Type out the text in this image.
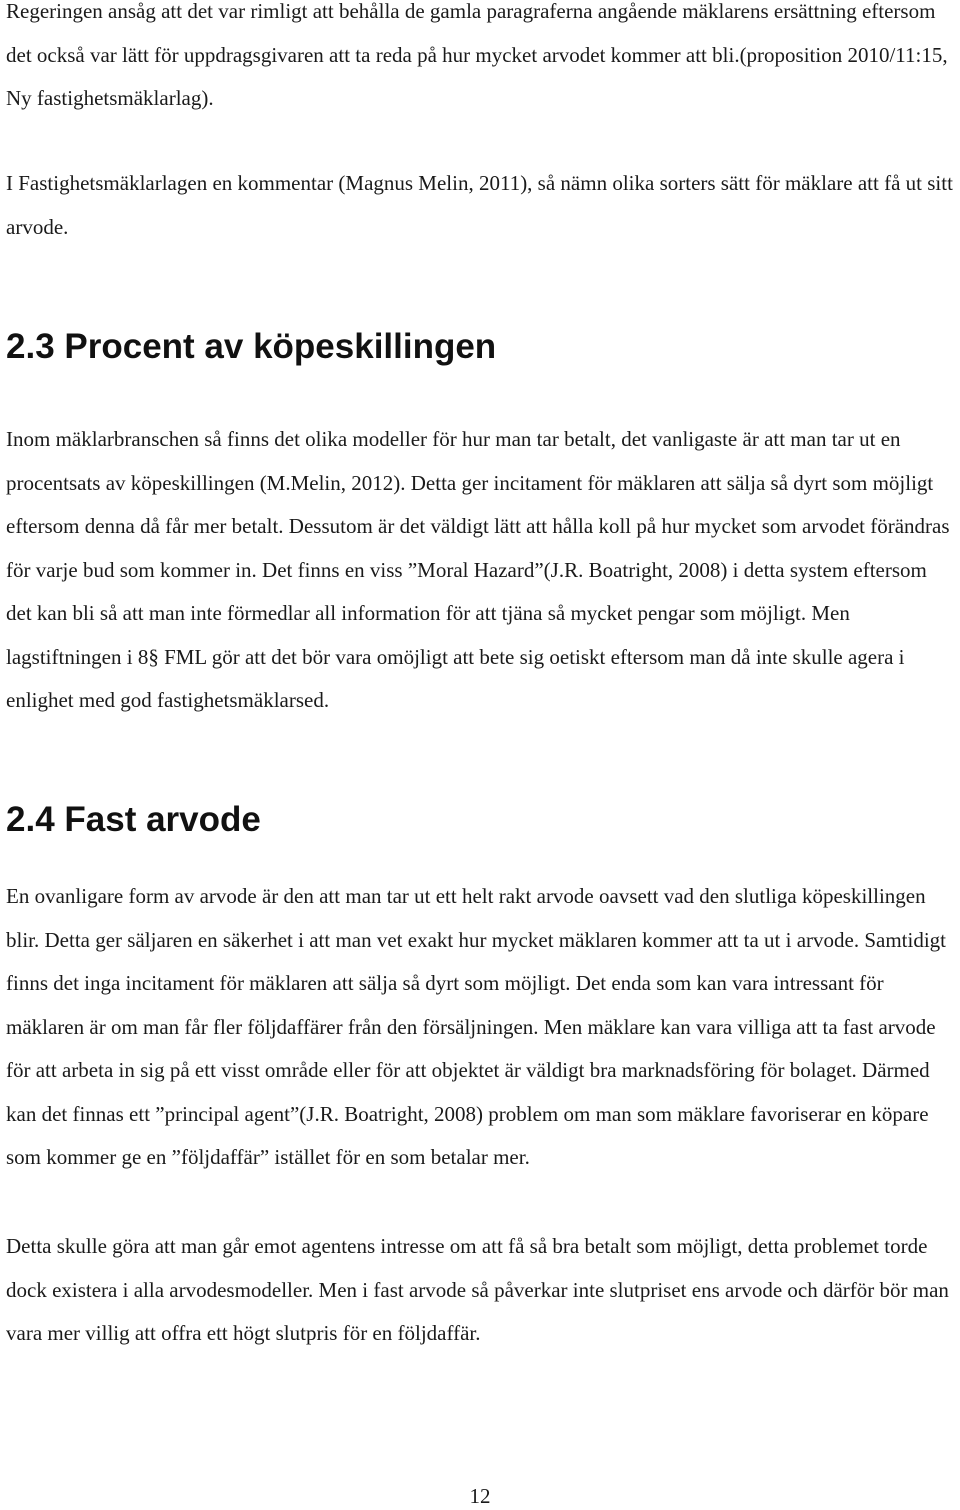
Regeringen ansåg att det var rimligt att behålla de gamla paragraferna angående mäklarens ersättning eftersom det också var lätt för uppdragsgivaren att ta reda på hur mycket arvodet kommer att bli.(proposition 2010/11:15, Ny fastighetsmäklarlag).

I Fastighetsmäklarlagen en kommentar (Magnus Melin, 2011), så nämn olika sorters sätt för mäklare att få ut sitt arvode.

2.3 Procent av köpeskillingen

Inom mäklarbranschen så finns det olika modeller för hur man tar betalt, det vanligaste är att man tar ut en procentsats av köpeskillingen (M.Melin, 2012). Detta ger incitament för mäklaren att sälja så dyrt som möjligt eftersom denna då får mer betalt. Dessutom är det väldigt lätt att hålla koll på hur mycket som arvodet förändras för varje bud som kommer in. Det finns en viss ”Moral Hazard”(J.R. Boatright, 2008) i detta system eftersom det kan bli så att man inte förmedlar all information för att tjäna så mycket pengar som möjligt. Men lagstiftningen i 8§ FML gör att det bör vara omöjligt att bete sig oetiskt eftersom man då inte skulle agera i enlighet med god fastighetsmäklarsed.

2.4 Fast arvode

En ovanligare form av arvode är den att man tar ut ett helt rakt arvode oavsett vad den slutliga köpeskillingen blir. Detta ger säljaren en säkerhet i att man vet exakt hur mycket mäklaren kommer att ta ut i arvode. Samtidigt finns det inga incitament för mäklaren att sälja så dyrt som möjligt. Det enda som kan vara intressant för mäklaren är om man får fler följdaffärer från den försäljningen. Men mäklare kan vara villiga att ta fast arvode för att arbeta in sig på ett visst område eller för att objektet är väldigt bra marknadsföring för bolaget. Därmed kan det finnas ett ”principal agent”(J.R. Boatright, 2008) problem om man som mäklare favoriserar en köpare som kommer ge en ”följdaffär” istället för en som betalar mer.

Detta skulle göra att man går emot agentens intresse om att få så bra betalt som möjligt, detta problemet torde dock existera i alla arvodesmodeller. Men i fast arvode så påverkar inte slutpriset ens arvode och därför bör man vara mer villig att offra ett högt slutpris för en följdaffär.

12
